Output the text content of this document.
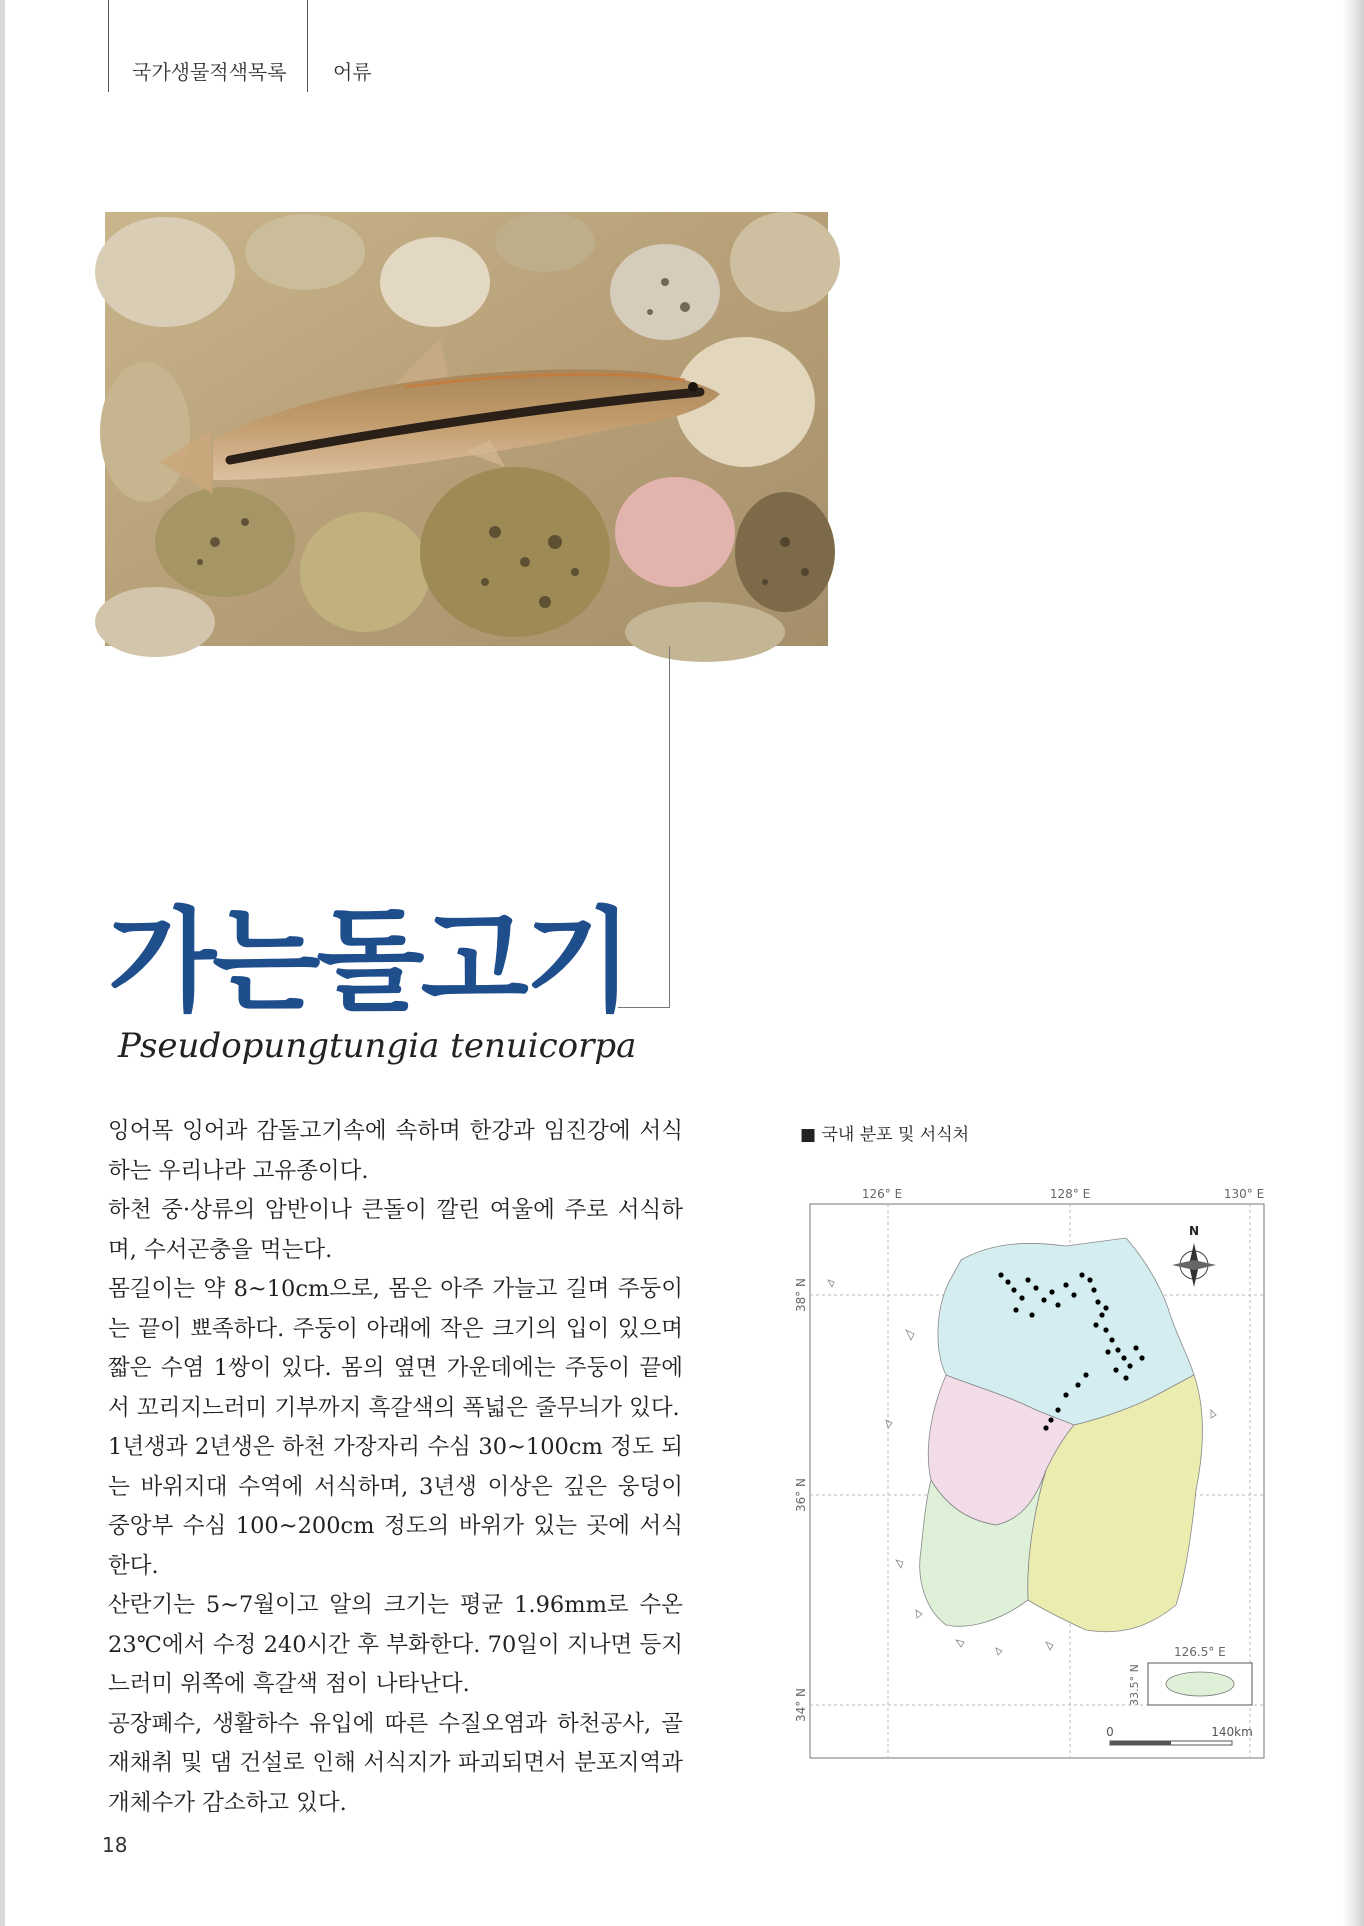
국가생물적색목록 어류
가는돌고기
Pseudopungtungia tenuicorpa

잉어목 잉어과 감돌고기속에 속하며 한강과 임진강에 서식하는 우리나라 고유종이다.

하천 중·상류의 암반이나 큰돌이 깔린 여울에 주로 서식하며, 수서곤충을 먹는다.

몸길이는 약 8~10cm으로, 몸은 아주 가늘고 길며 주둥이는 끝이 뾰족하다. 주둥이 아래에 작은 크기의 입이 있으며 짧은 수염 1쌍이 있다. 몸의 옆면 가운데에는 주둥이 끝에서 꼬리지느러미 기부까지 흑갈색의 폭넓은 줄무늬가 있다.

1년생과 2년생은 하천 가장자리 수심 30~100cm 정도 되는 바위지대 수역에 서식하며, 3년생 이상은 깊은 웅덩이 중앙부 수심 100~200cm 정도의 바위가 있는 곳에 서식한다.

산란기는 5~7월이고 알의 크기는 평균 1.96mm로 수온 23℃에서 수정 240시간 후 부화한다. 70일이 지나면 등지느러미 위쪽에 흑갈색 점이 나타난다.

공장폐수, 생활하수 유입에 따른 수질오염과 하천공사, 골재채취 및 댐 건설로 인해 서식지가 파괴되면서 분포지역과 개체수가 감소하고 있다.

■ 국내 분포 및 서식처
126° E	128° E	130° E
38° N
36° N
34° N
N
126.5° E
33.5° N
0	140km
18
